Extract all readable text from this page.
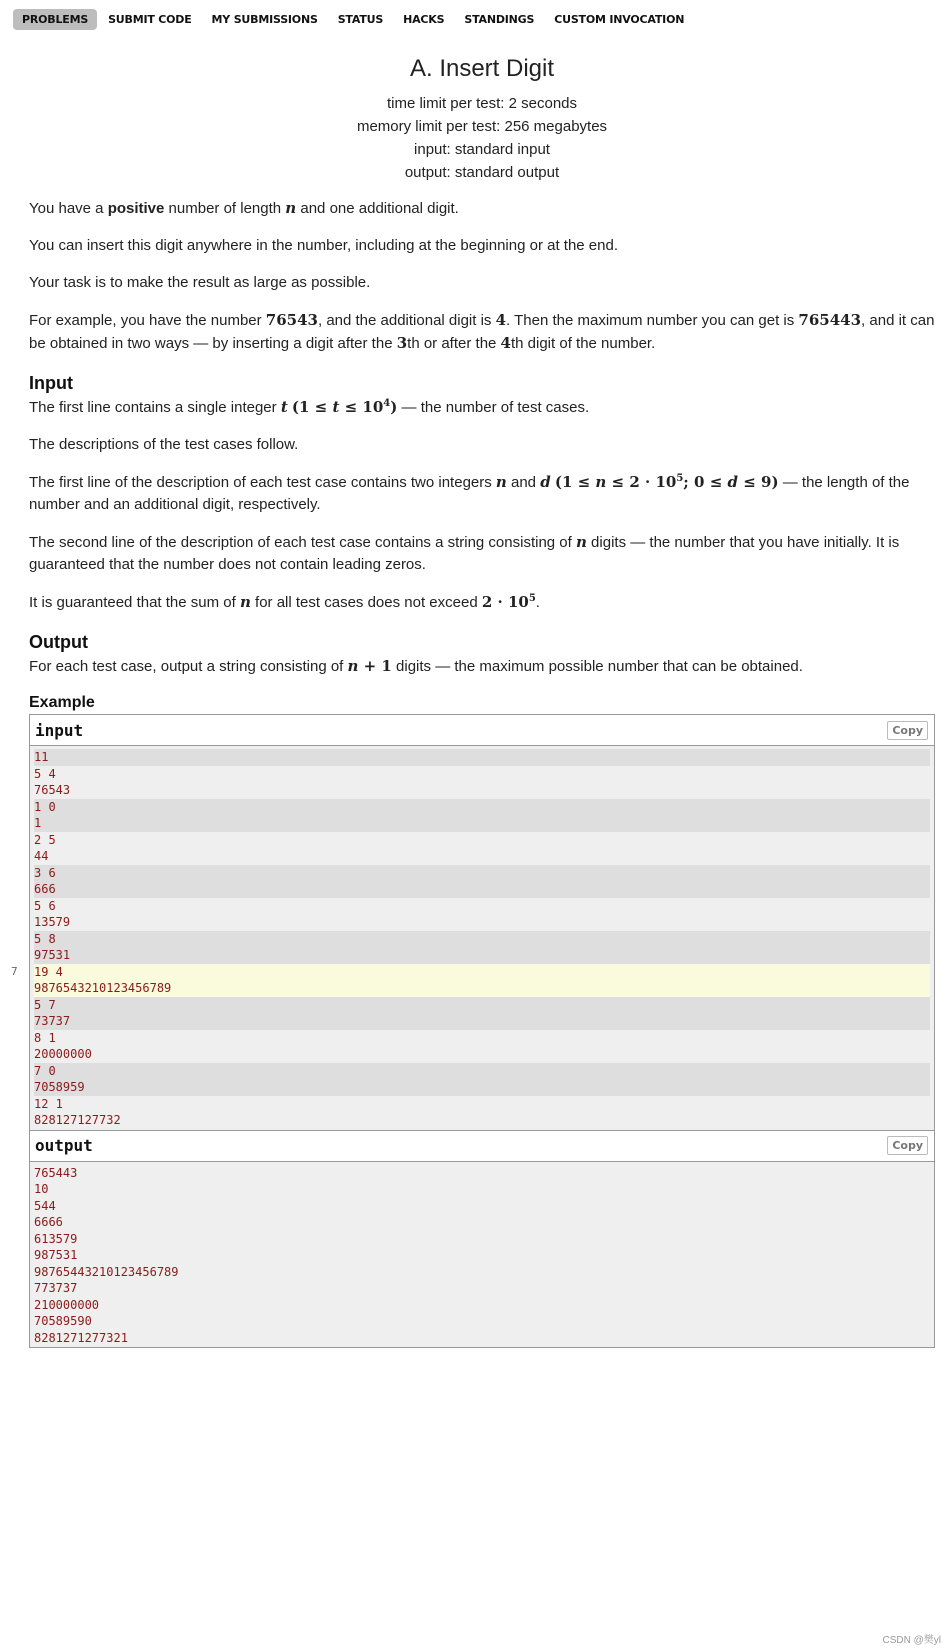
PROBLEMS	SUBMIT CODE	MY SUBMISSIONS	STATUS	HACKS	STANDINGS	CUSTOM INVOCATION
A. Insert Digit
time limit per test: 2 seconds
memory limit per test: 256 megabytes
input: standard input
output: standard output
You have a positive number of length n and one additional digit.
You can insert this digit anywhere in the number, including at the beginning or at the end.
Your task is to make the result as large as possible.
For example, you have the number 76543, and the additional digit is 4. Then the maximum number you can get is 765443, and it can be obtained in two ways — by inserting a digit after the 3th or after the 4th digit of the number.
Input
The first line contains a single integer t $(1 \le t \le 10^4)$ — the number of test cases.
The descriptions of the test cases follow.
The first line of the description of each test case contains two integers n and d ($1 \le n \le 2 \cdot 10^5$; 0 ≤ d ≤ 9) — the length of the number and an additional digit, respectively.
The second line of the description of each test case contains a string consisting of n digits — the number that you have initially. It is guaranteed that the number does not contain leading zeros.
It is guaranteed that the sum of n for all test cases does not exceed $2 \cdot 10^5$.
Output
For each test case, output a string consisting of n + 1 digits — the maximum possible number that can be obtained.
Example
input	Copy
11
5 4
76543
1 0
1
2 5
44
3 6
666
5 6
13579
5 8
97531
19 4
9876543210123456789
5 7
73737
8 1
20000000
7 0
7058959
12 1
828127127732
output	Copy
765443
10
544
6666
613579
987531
98765443210123456789
773737
210000000
70589590
8281271277321
7
CSDN @樊yl
